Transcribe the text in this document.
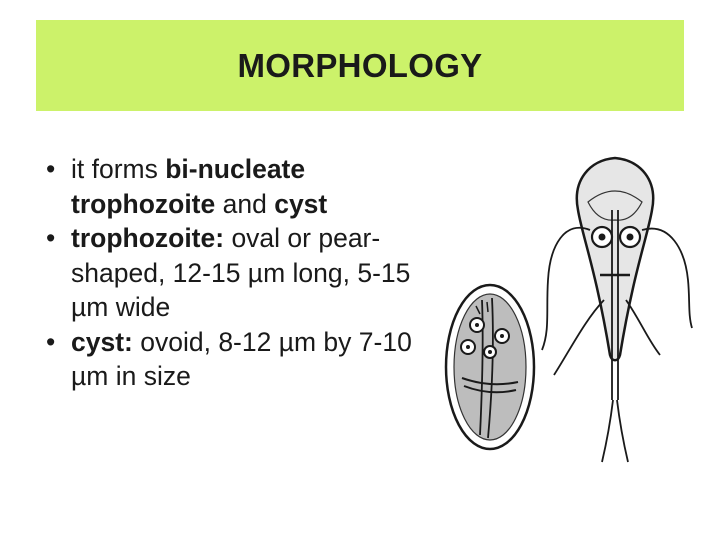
MORPHOLOGY
• it forms bi-nucleate trophozoite and cyst
• trophozoite: oval or pear-shaped, 12-15 µm long, 5-15 µm wide
• cyst: ovoid, 8-12 µm by 7-10 µm in size
